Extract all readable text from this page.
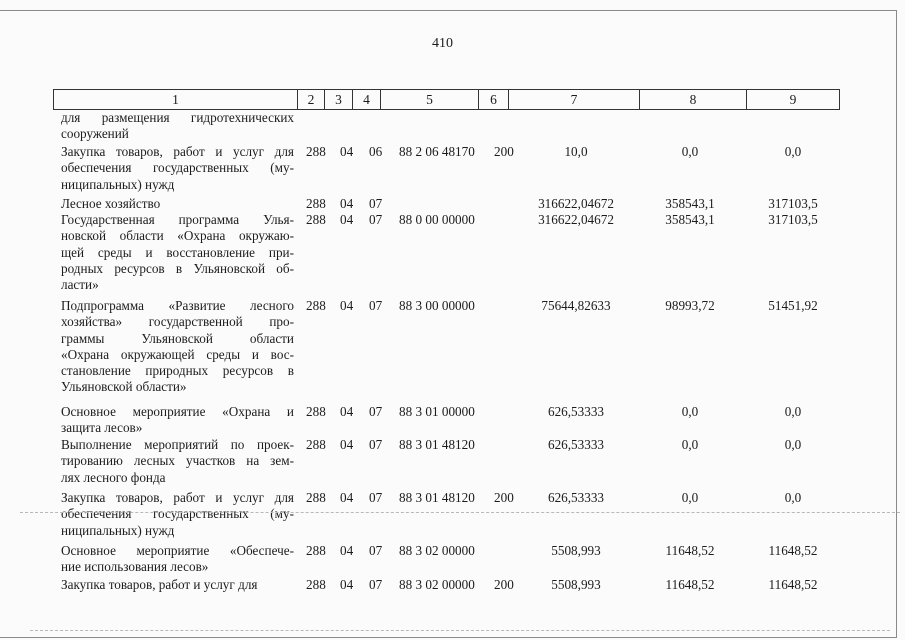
410
1	2	3	4	5	6	7	8	9
для размещения гидротехнических
сооружений
Закупка товаров, работ и услуг для
обеспечения государственных (му-
ниципальных) нужд
288 04 06 88 2 06 48170 200	10,0	0,0	0,0
Лесное хозяйство	288 04 07	316622,04672	358543,1	317103,5
Государственная программа Улья-
новской области «Охрана окружаю-
щей среды и восстановление при-
родных ресурсов в Ульяновской об-
ласти»
288 04 07 88 0 00 00000	316622,04672	358543,1	317103,5
Подпрограмма «Развитие лесного
хозяйства» государственной про-
граммы Ульяновской области
«Охрана окружающей среды и вос-
становление природных ресурсов в
Ульяновской области»
288 04 07 88 3 00 00000	75644,82633	98993,72	51451,92
Основное мероприятие «Охрана и
защита лесов»
288 04 07 88 3 01 00000	626,53333	0,0	0,0
Выполнение мероприятий по проек-
тированию лесных участков на зем-
лях лесного фонда
288 04 07 88 3 01 48120	626,53333	0,0	0,0
Закупка товаров, работ и услуг для
обеспечения государственных (му-
ниципальных) нужд
288 04 07 88 3 01 48120 200	626,53333	0,0	0,0
Основное мероприятие «Обеспече-
ние использования лесов»
288 04 07 88 3 02 00000	5508,993	11648,52	11648,52
Закупка товаров, работ и услуг для	288 04 07 88 3 02 00000 200	5508,993	11648,52	11648,52
